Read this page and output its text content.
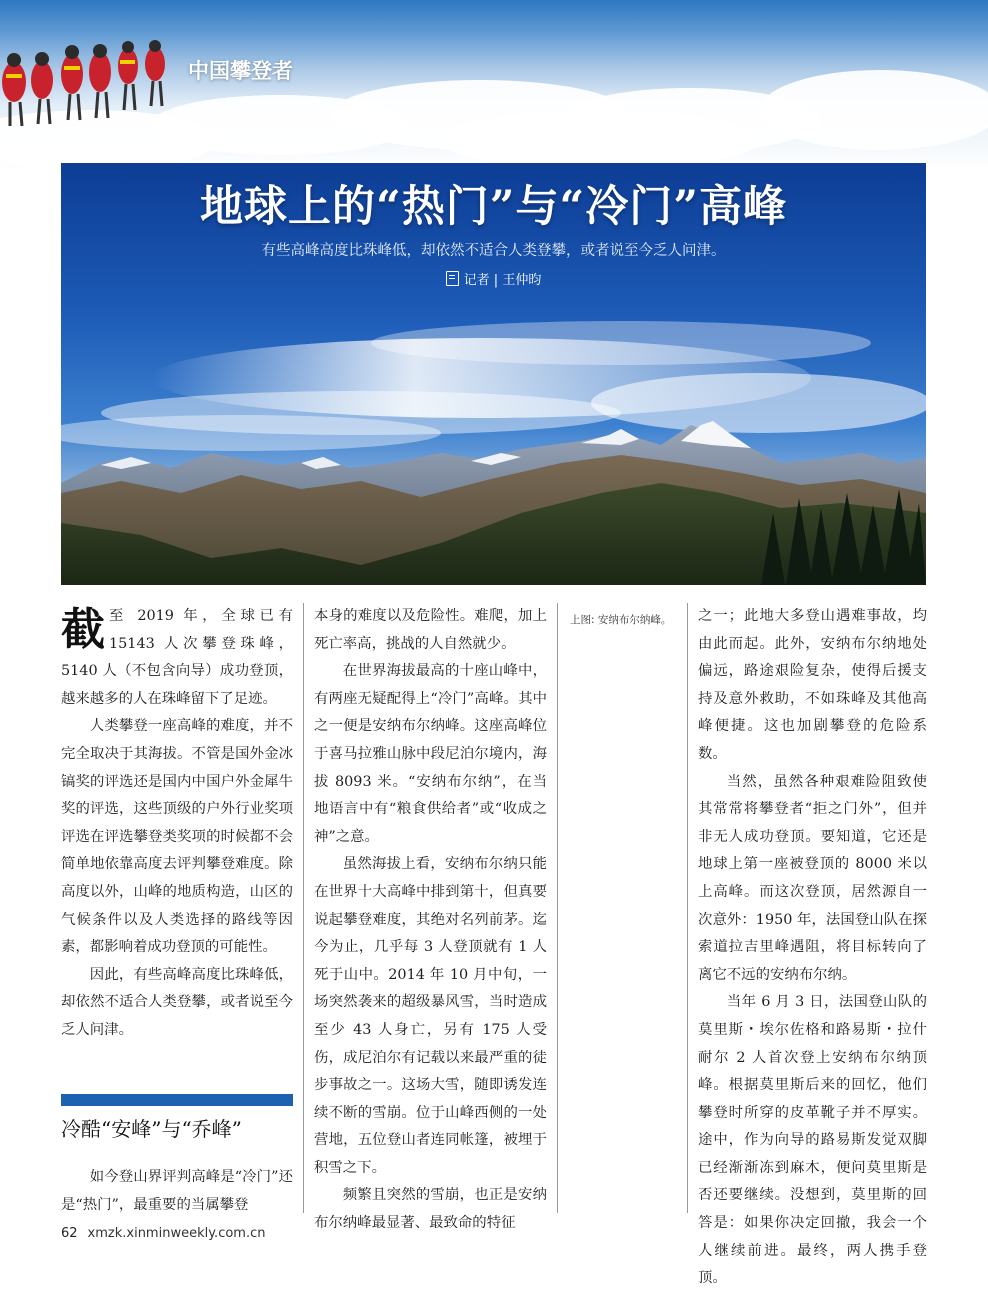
中国攀登者
地球上的“热门”与“冷门”高峰
有些高峰高度比珠峰低，却依然不适合人类登攀，或者说至今乏人问津。
记者 | 王仲昀

截至 2019 年，全球已有 15143 人次攀登珠峰，5140 人（不包含向导）成功登顶，越来越多的人在珠峰留下了足迹。

人类攀登一座高峰的难度，并不完全取决于其海拔。不管是国外金冰镐奖的评选还是国内中国户外金犀牛奖的评选，这些顶级的户外行业奖项评选在评选攀登类奖项的时候都不会简单地依靠高度去评判攀登难度。除高度以外，山峰的地质构造，山区的气候条件以及人类选择的路线等因素，都影响着成功登顶的可能性。

因此，有些高峰高度比珠峰低，却依然不适合人类登攀，或者说至今乏人问津。

冷酷“安峰”与“乔峰”

如今登山界评判高峰是“冷门”还是“热门”，最重要的当属攀登

本身的难度以及危险性。难爬，加上死亡率高，挑战的人自然就少。

在世界海拔最高的十座山峰中，有两座无疑配得上“冷门”高峰。其中之一便是安纳布尔纳峰。这座高峰位于喜马拉雅山脉中段尼泊尔境内，海拔 8093 米。“安纳布尔纳”，在当地语言中有“粮食供给者”或“收成之神”之意。

虽然海拔上看，安纳布尔纳只能在世界十大高峰中排到第十，但真要说起攀登难度，其绝对名列前茅。迄今为止，几乎每 3 人登顶就有 1 人死于山中。2014 年 10 月中旬，一场突然袭来的超级暴风雪，当时造成至少 43 人身亡，另有 175 人受伤，成尼泊尔有记载以来最严重的徒步事故之一。这场大雪，随即诱发连续不断的雪崩。位于山峰西侧的一处营地，五位登山者连同帐篷，被埋于积雪之下。

频繁且突然的雪崩，也正是安纳布尔纳峰最显著、最致命的特征

上图: 安纳布尔纳峰。	之一；此地大多登山遇难事故，均由此而起。此外，安纳布尔纳地处偏远，路途艰险复杂，使得后援支持及意外救助，不如珠峰及其他高峰便捷。这也加剧攀登的危险系数。

当然，虽然各种艰难险阻致使其常常将攀登者“拒之门外”，但并非无人成功登顶。要知道，它还是地球上第一座被登顶的 8000 米以上高峰。而这次登顶，居然源自一次意外：1950 年，法国登山队在探索道拉吉里峰遇阻，将目标转向了离它不远的安纳布尔纳。

当年 6 月 3 日，法国登山队的莫里斯・埃尔佐格和路易斯・拉什耐尔 2 人首次登上安纳布尔纳顶峰。根据莫里斯后来的回忆，他们攀登时所穿的皮革靴子并不厚实。途中，作为向导的路易斯发觉双脚已经渐渐冻到麻木，便问莫里斯是否还要继续。没想到，莫里斯的回答是：如果你决定回撤，我会一个人继续前进。最终，两人携手登顶。

62 xmzk.xinminweekly.com.cn
